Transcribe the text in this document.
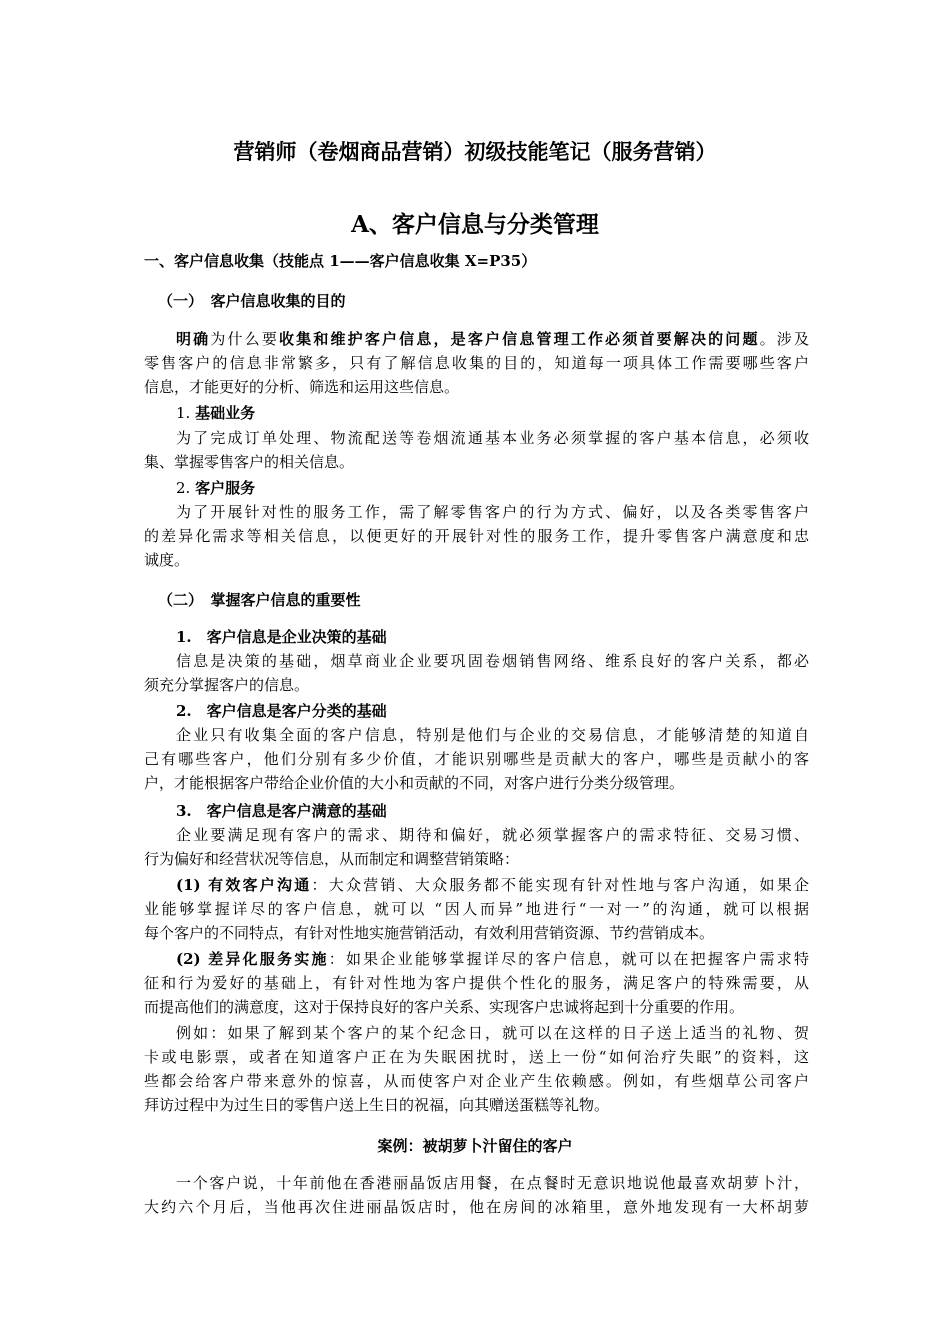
营销师（卷烟商品营销）初级技能笔记（服务营销）
A、客户信息与分类管理
一、客户信息收集（技能点 1——客户信息收集 X=P35）
（一）　客户信息收集的目的
明确为什么要收集和维护客户信息，是客户信息管理工作必须首要解决的问题。涉及
零售客户的信息非常繁多，只有了解信息收集的目的，知道每一项具体工作需要哪些客户
信息，才能更好的分析、筛选和运用这些信息。
1. 基础业务
为了完成订单处理、物流配送等卷烟流通基本业务必须掌握的客户基本信息，必须收
集、掌握零售客户的相关信息。
2. 客户服务
为了开展针对性的服务工作，需了解零售客户的行为方式、偏好，以及各类零售客户
的差异化需求等相关信息，以便更好的开展针对性的服务工作，提升零售客户满意度和忠
诚度。
（二）　掌握客户信息的重要性
1.　客户信息是企业决策的基础
信息是决策的基础，烟草商业企业要巩固卷烟销售网络、维系良好的客户关系，都必
须充分掌握客户的信息。
2.　客户信息是客户分类的基础
企业只有收集全面的客户信息，特别是他们与企业的交易信息，才能够清楚的知道自
己有哪些客户，他们分别有多少价值，才能识别哪些是贡献大的客户，哪些是贡献小的客
户，才能根据客户带给企业价值的大小和贡献的不同，对客户进行分类分级管理。
3.　客户信息是客户满意的基础
企业要满足现有客户的需求、期待和偏好，就必须掌握客户的需求特征、交易习惯、
行为偏好和经营状况等信息，从而制定和调整营销策略：
(1) 有效客户沟通：大众营销、大众服务都不能实现有针对性地与客户沟通，如果企
业能够掌握详尽的客户信息，就可以 “因人而异”地进行“一对一”的沟通，就可以根据
每个客户的不同特点，有针对性地实施营销活动，有效利用营销资源、节约营销成本。
(2) 差异化服务实施：如果企业能够掌握详尽的客户信息，就可以在把握客户需求特
征和行为爱好的基础上，有针对性地为客户提供个性化的服务，满足客户的特殊需要，从
而提高他们的满意度，这对于保持良好的客户关系、实现客户忠诚将起到十分重要的作用。
例如：如果了解到某个客户的某个纪念日，就可以在这样的日子送上适当的礼物、贺
卡或电影票，或者在知道客户正在为失眠困扰时，送上一份“如何治疗失眠”的资料，这
些都会给客户带来意外的惊喜，从而使客户对企业产生依赖感。例如，有些烟草公司客户
拜访过程中为过生日的零售户送上生日的祝福，向其赠送蛋糕等礼物。
案例：被胡萝卜汁留住的客户
一个客户说，十年前他在香港丽晶饭店用餐，在点餐时无意识地说他最喜欢胡萝卜汁，
大约六个月后，当他再次住进丽晶饭店时，他在房间的冰箱里，意外地发现有一大杯胡萝
